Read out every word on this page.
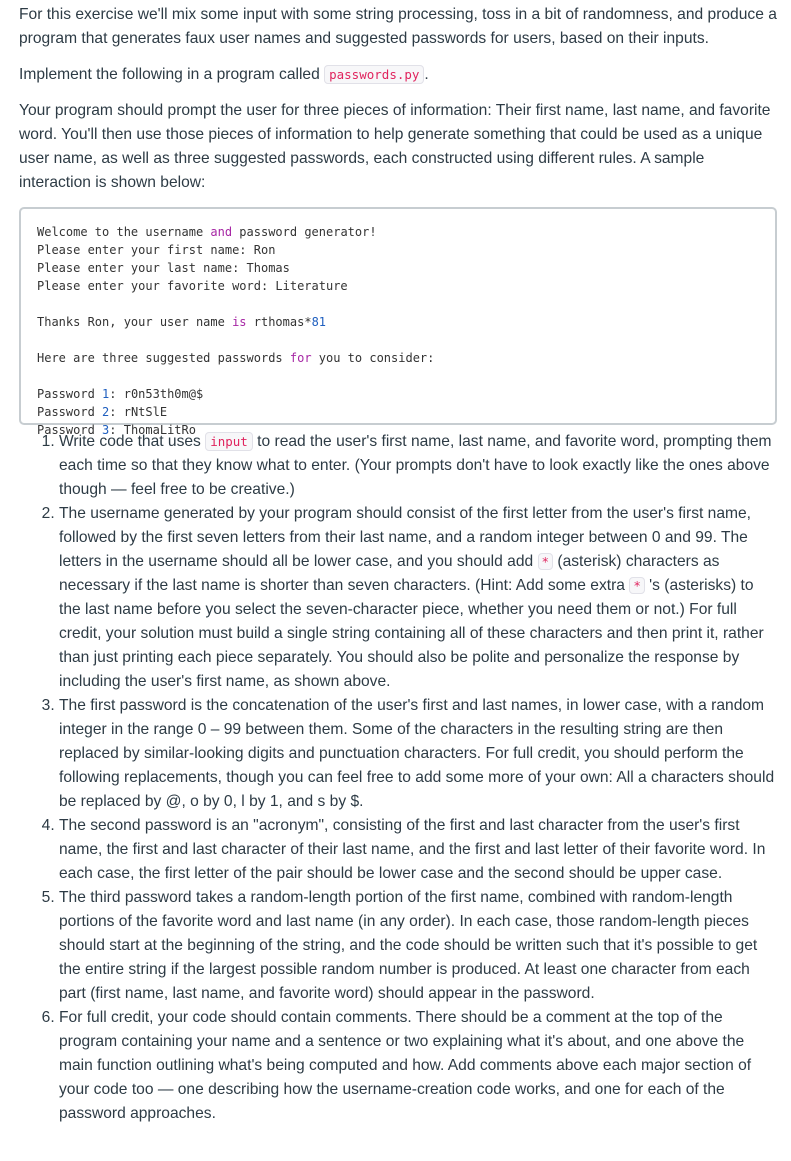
For this exercise we'll mix some input with some string processing, toss in a bit of randomness, and produce a program that generates faux user names and suggested passwords for users, based on their inputs.

Implement the following in a program called passwords.py .

Your program should prompt the user for three pieces of information: Their first name, last name, and favorite word. You'll then use those pieces of information to help generate something that could be used as a unique user name, as well as three suggested passwords, each constructed using different rules. A sample interaction is shown below:

Welcome to the username and password generator!
Please enter your first name: Ron
Please enter your last name: Thomas
Please enter your favorite word: Literature
Thanks Ron, your user name is rthomas*81
Here are three suggested passwords for you to consider:
Password 1: r0n53th0m@$
Password 2: rNtSlE
Password 3: ThomaLitRo
1. Write code that uses input to read the user's first name, last name, and favorite word, prompting them each time so that they know what to enter. (Your prompts don't have to look exactly like the ones above though — feel free to be creative.)
2. The username generated by your program should consist of the first letter from the user's first name, followed by the first seven letters from their last name, and a random integer between 0 and 99. The letters in the username should all be lower case, and you should add * (asterisk) characters as necessary if the last name is shorter than seven characters. (Hint: Add some extra * 's (asterisks) to the last name before you select the seven-character piece, whether you need them or not.) For full credit, your solution must build a single string containing all of these characters and then print it, rather than just printing each piece separately. You should also be polite and personalize the response by including the user's first name, as shown above.
3. The first password is the concatenation of the user's first and last names, in lower case, with a random integer in the range 0 – 99 between them. Some of the characters in the resulting string are then replaced by similar-looking digits and punctuation characters. For full credit, you should perform the following replacements, though you can feel free to add some more of your own: All a characters should be replaced by @, o by 0, l by 1, and s by $.
4. The second password is an "acronym", consisting of the first and last character from the user's first name, the first and last character of their last name, and the first and last letter of their favorite word. In each case, the first letter of the pair should be lower case and the second should be upper case.
5. The third password takes a random-length portion of the first name, combined with random-length portions of the favorite word and last name (in any order). In each case, those random-length pieces should start at the beginning of the string, and the code should be written such that it's possible to get the entire string if the largest possible random number is produced. At least one character from each part (first name, last name, and favorite word) should appear in the password.
6. For full credit, your code should contain comments. There should be a comment at the top of the program containing your name and a sentence or two explaining what it's about, and one above the main function outlining what's being computed and how. Add comments above each major section of your code too — one describing how the username-creation code works, and one for each of the password approaches.
